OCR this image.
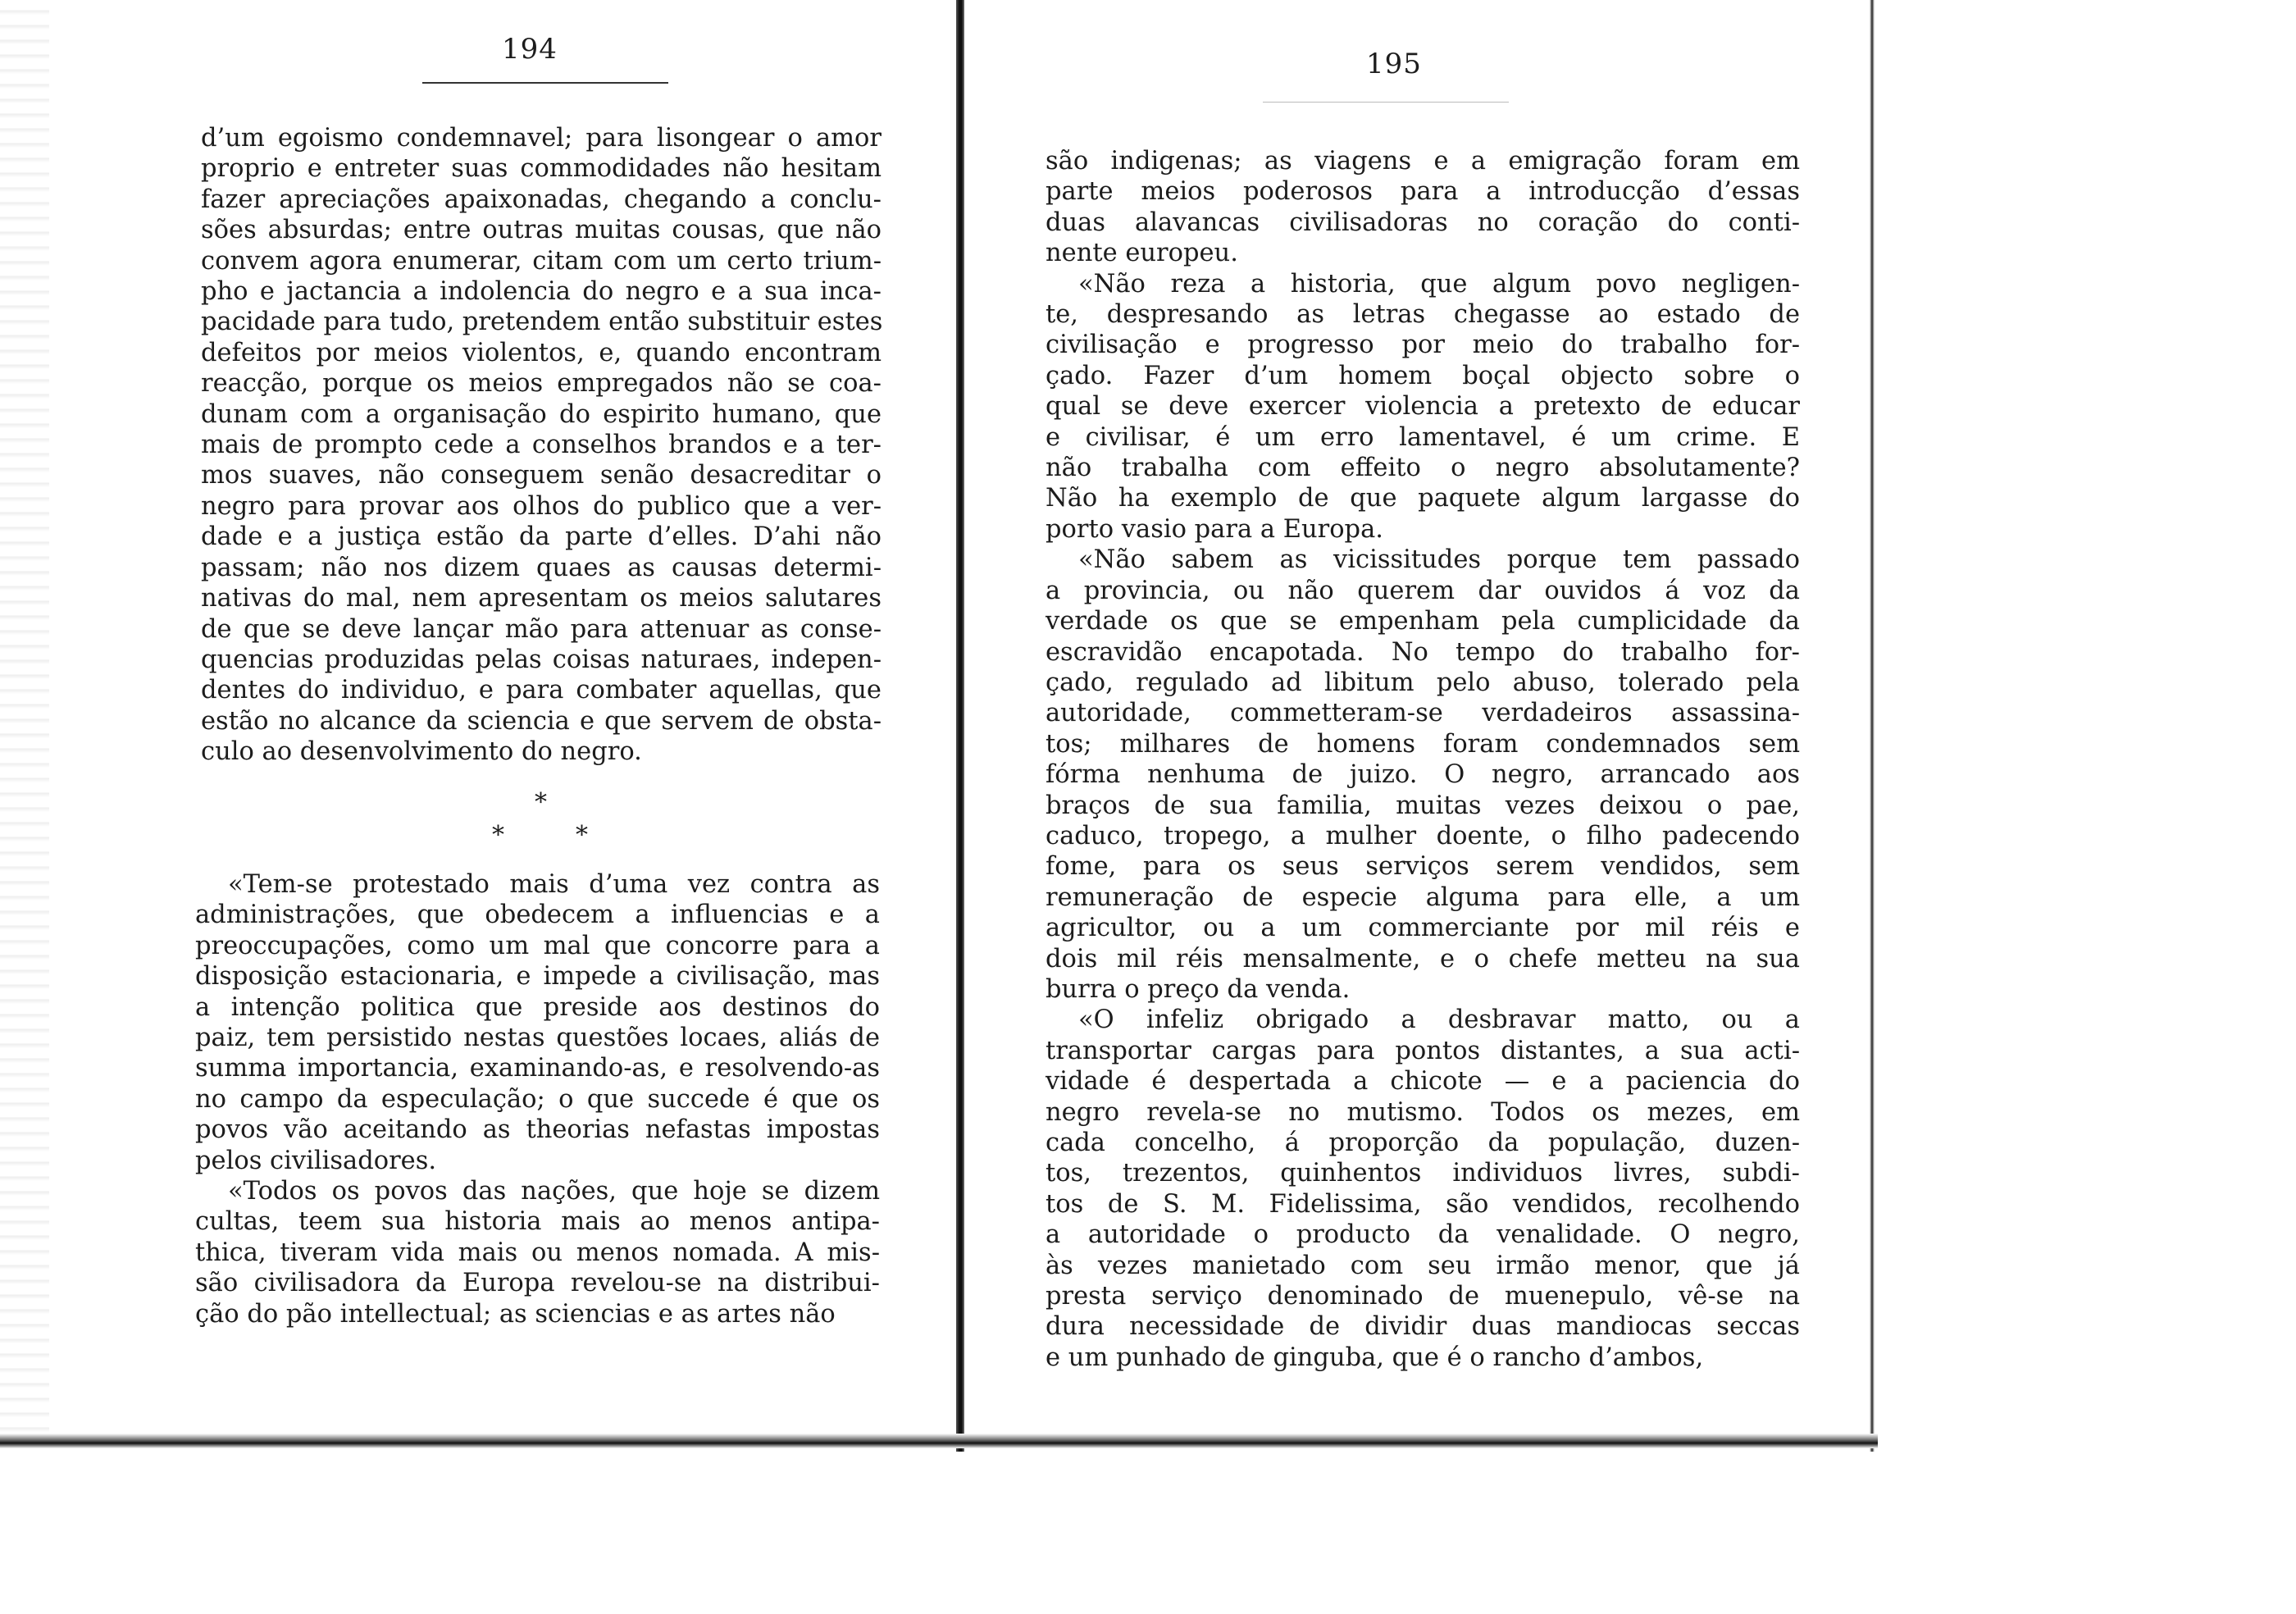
194

d’um egoismo condemnavel; para lisongear o amor
proprio e entreter suas commodidades não hesitam
fazer apreciações apaixonadas, chegando a conclu-
sões absurdas; entre outras muitas cousas, que não
convem agora enumerar, citam com um certo trium-
pho e jactancia a indolencia do negro e a sua inca-
pacidade para tudo, pretendem então substituir estes
defeitos por meios violentos, e, quando encontram
reacção, porque os meios empregados não se coa-
dunam com a organisação do espirito humano, que
mais de prompto cede a conselhos brandos e a ter-
mos suaves, não conseguem senão desacreditar o
negro para provar aos olhos do publico que a ver-
dade e a justiça estão da parte d’elles. D’ahi não
passam; não nos dizem quaes as causas determi-
nativas do mal, nem apresentam os meios salutares
de que se deve lançar mão para attenuar as conse-
quencias produzidas pelas coisas naturaes, indepen-
dentes do individuo, e para combater aquellas, que
estão no alcance da sciencia e que servem de obsta-
culo ao desenvolvimento do negro.

*
*	*

«Tem-se protestado mais d’uma vez contra as
administrações, que obedecem a influencias e a
preoccupações, como um mal que concorre para a
disposição estacionaria, e impede a civilisação, mas
a intenção politica que preside aos destinos do
paiz, tem persistido nestas questões locaes, aliás de
summa importancia, examinando-as, e resolvendo-as
no campo da especulação; o que succede é que os
povos vão aceitando as theorias nefastas impostas
pelos civilisadores.

«Todos os povos das nações, que hoje se dizem
cultas, teem sua historia mais ao menos antipa-
thica, tiveram vida mais ou menos nomada. A mis-
são civilisadora da Europa revelou-se na distribui-
ção do pão intellectual; as sciencias e as artes não

195

são indigenas; as viagens e a emigração foram em
parte meios poderosos para a introducção d’essas
duas alavancas civilisadoras no coração do conti-
nente europeu.

«Não reza a historia, que algum povo negligen-
te, despresando as letras chegasse ao estado de
civilisação e progresso por meio do trabalho for-
çado. Fazer d’um homem boçal objecto sobre o
qual se deve exercer violencia a pretexto de educar
e civilisar, é um erro lamentavel, é um crime. E
não trabalha com effeito o negro absolutamente?
Não ha exemplo de que paquete algum largasse do
porto vasio para a Europa.

«Não sabem as vicissitudes porque tem passado
a provincia, ou não querem dar ouvidos á voz da
verdade os que se empenham pela cumplicidade da
escravidão encapotada. No tempo do trabalho for-
çado, regulado ad libitum pelo abuso, tolerado pela
autoridade, commetteram-se verdadeiros assassina-
tos; milhares de homens foram condemnados sem
fórma nenhuma de juizo. O negro, arrancado aos
braços de sua familia, muitas vezes deixou o pae,
caduco, tropego, a mulher doente, o filho padecendo
fome, para os seus serviços serem vendidos, sem
remuneração de especie alguma para elle, a um
agricultor, ou a um commerciante por mil réis e
dois mil réis mensalmente, e o chefe metteu na sua
burra o preço da venda.

«O infeliz obrigado a desbravar matto, ou a
transportar cargas para pontos distantes, a sua acti-
vidade é despertada a chicote — e a paciencia do
negro revela-se no mutismo. Todos os mezes, em
cada concelho, á proporção da população, duzen-
tos, trezentos, quinhentos individuos livres, subdi-
tos de S. M. Fidelissima, são vendidos, recolhendo
a autoridade o producto da venalidade. O negro,
às vezes manietado com seu irmão menor, que já
presta serviço denominado de muenepulo, vê-se na
dura necessidade de dividir duas mandiocas seccas
e um punhado de ginguba, que é o rancho d’ambos,
